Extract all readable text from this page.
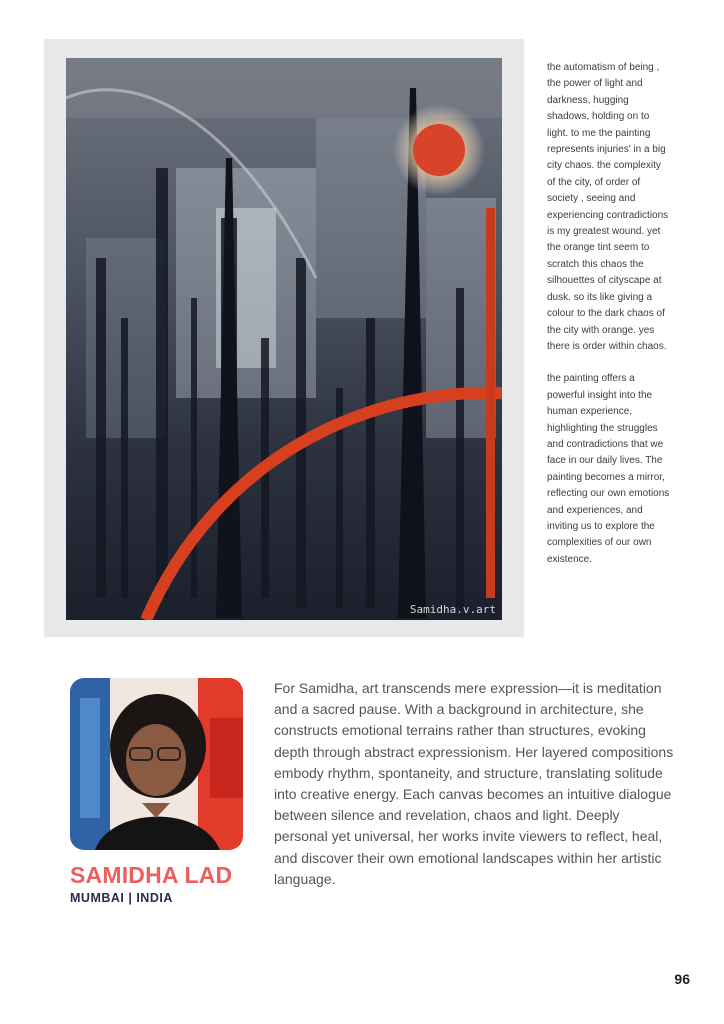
Samidha.v.art

the automatism of being , the power of light and darkness, hugging shadows, holding on to light. to me the painting represents injuries' in a big city chaos. the complexity of the city, of order of society , seeing and experiencing contradictions is my greatest wound. yet the orange tint seem to scratch this chaos the silhouettes of cityscape at dusk. so its like giving a colour to the dark chaos of the city with orange. yes there is order within chaos.

the painting offers a powerful insight into the human experience, highlighting the struggles and contradictions that we face in our daily lives. The painting becomes a mirror, reflecting our own emotions and experiences, and inviting us to explore the complexities of our own existence.

SAMIDHA LAD
MUMBAI | INDIA
For Samidha, art transcends mere expression—it is meditation and a sacred pause. With a background in architecture, she constructs emotional terrains rather than structures, evoking depth through abstract expressionism. Her layered compositions embody rhythm, spontaneity, and structure, translating solitude into creative energy. Each canvas becomes an intuitive dialogue between silence and revelation, chaos and light. Deeply personal yet universal, her works invite viewers to reflect, heal, and discover their own emotional landscapes within her artistic language.
96
